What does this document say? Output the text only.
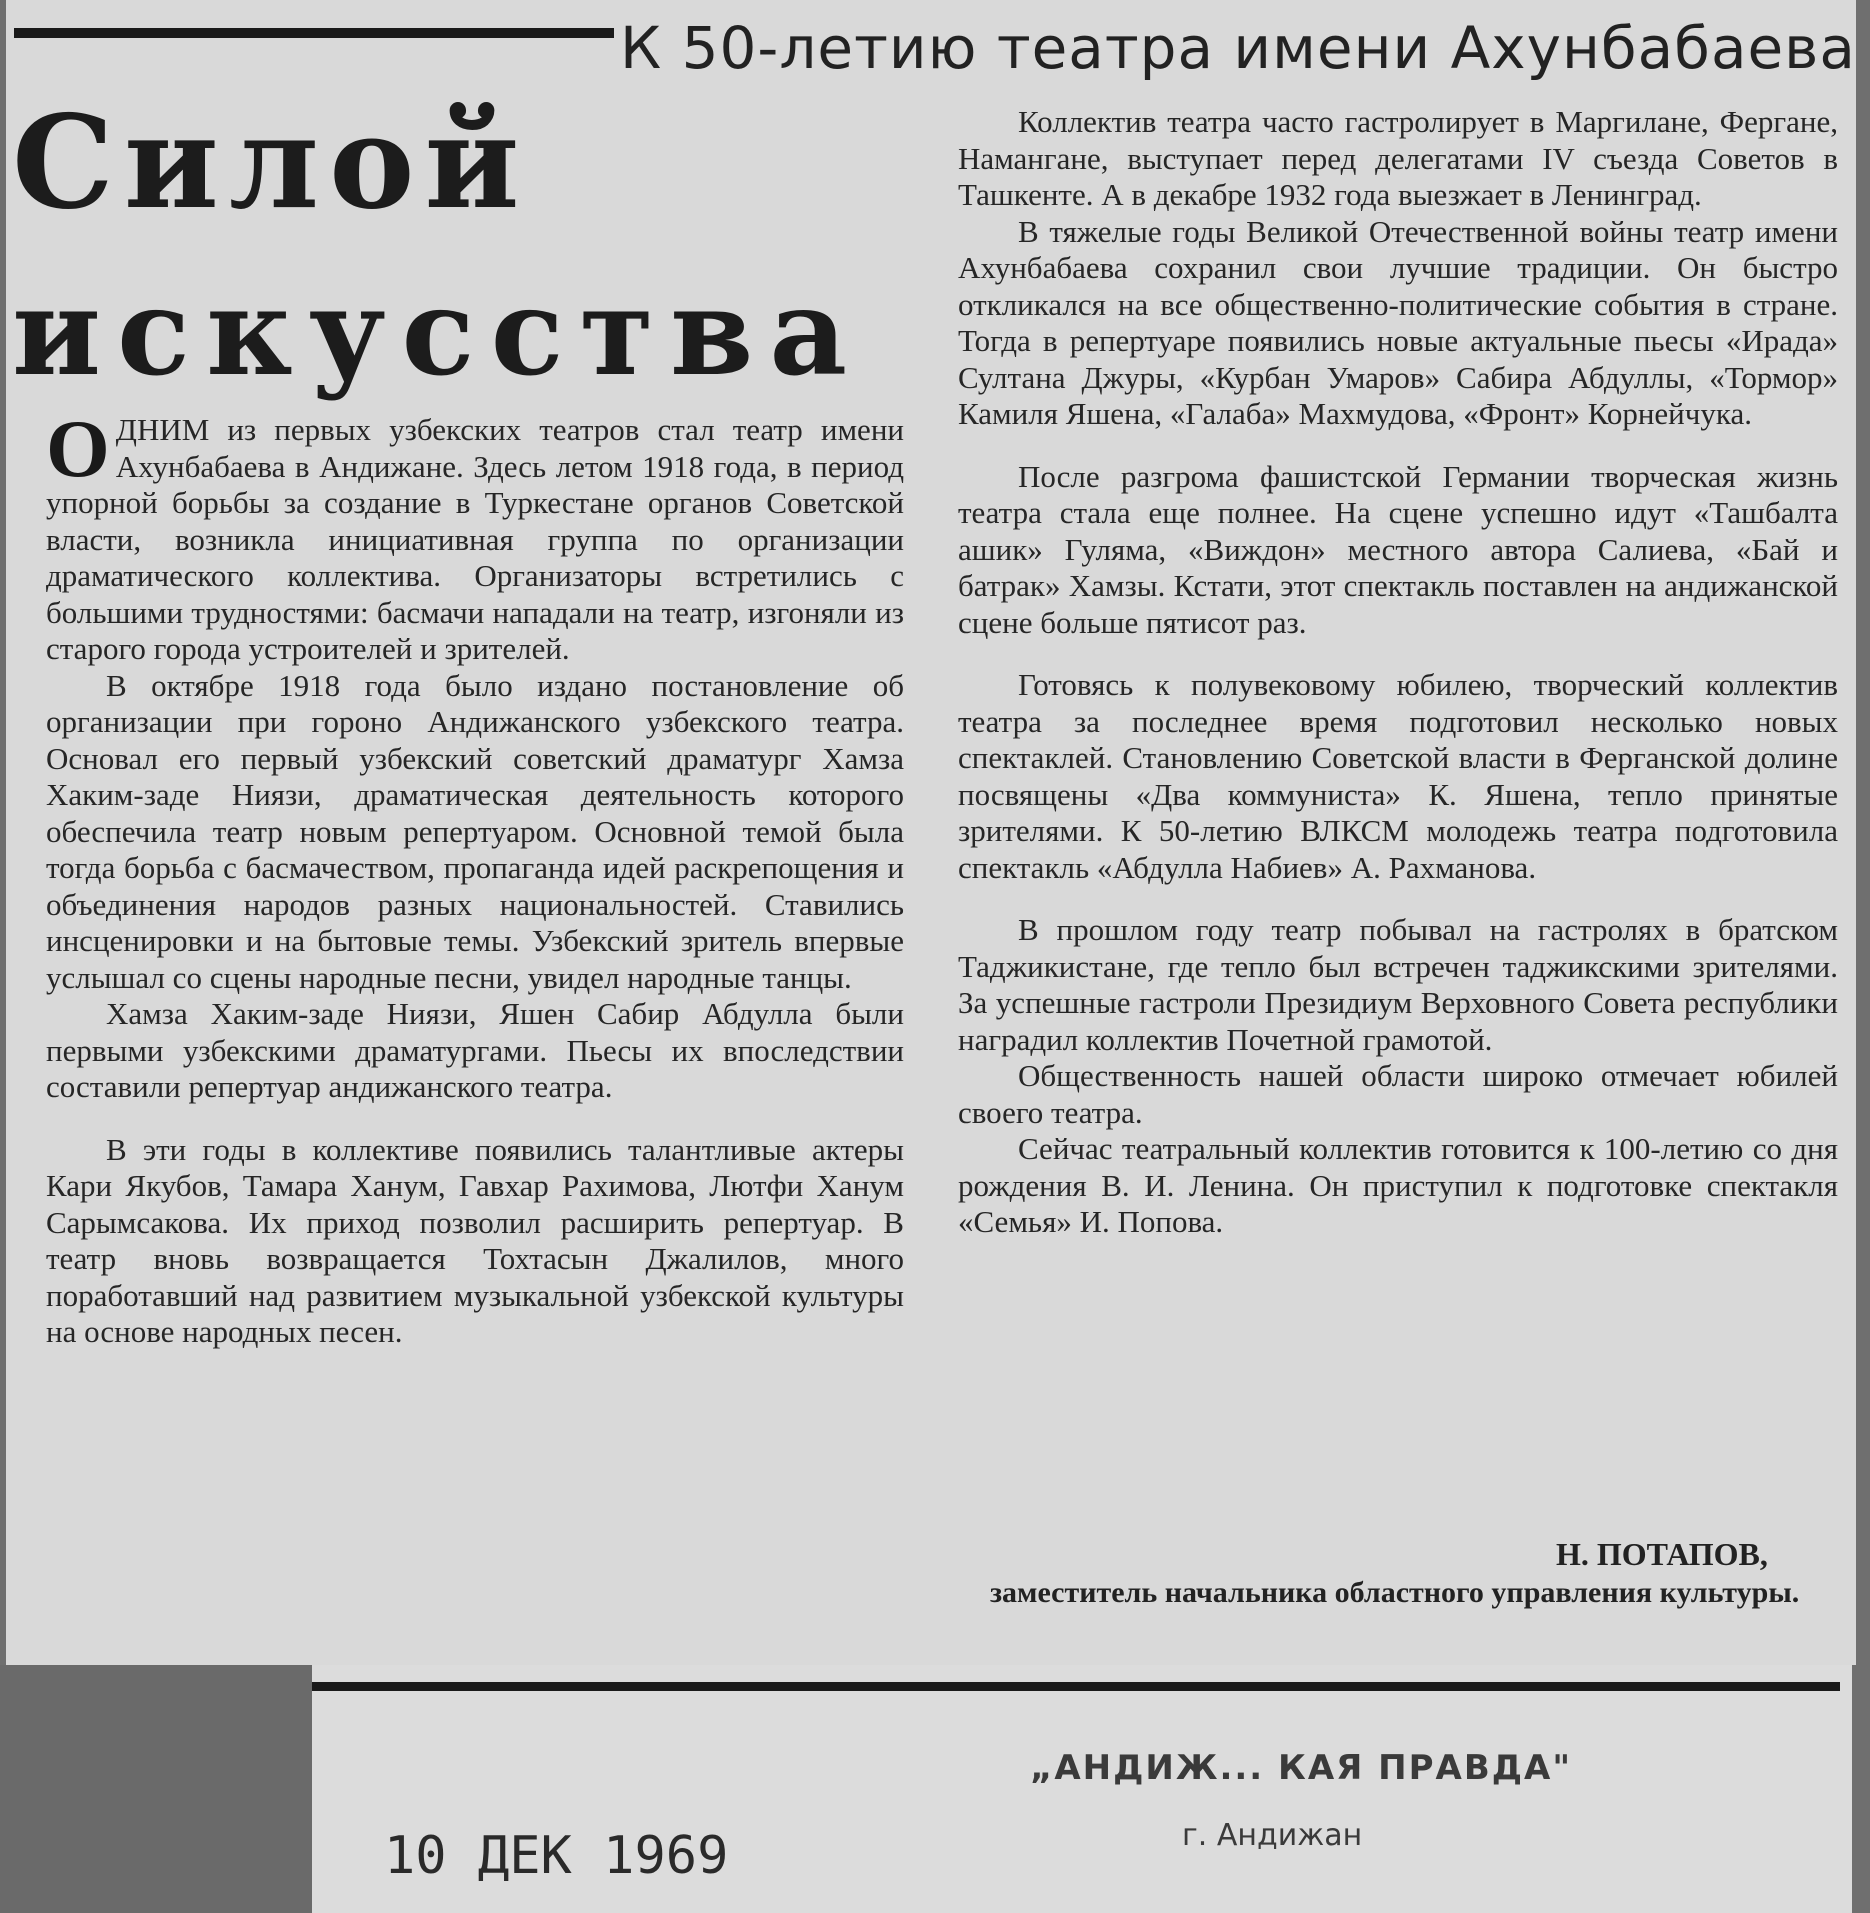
К 50-летию театра имени Ахунбабаева
Силой
искусства

ОДНИМ из первых узбекских театров стал театр имени Ахунбабаева в Андижане. Здесь летом 1918 года, в период упорной борьбы за создание в Туркестане органов Советской власти, возникла инициативная группа по организации драматического коллектива. Организаторы встретились с большими трудностями: басмачи нападали на театр, изгоняли из старого города устроителей и зрителей.

В октябре 1918 года было издано постановление об организации при гороно Андижанского узбекского театра. Основал его первый узбекский советский драматург Хамза Хаким-заде Ниязи, драматическая деятельность которого обеспечила театр новым репертуаром. Основной темой была тогда борьба с басмачеством, пропаганда идей раскрепощения и объединения народов разных национальностей. Ставились инсценировки и на бытовые темы. Узбекский зритель впервые услышал со сцены народные песни, увидел народные танцы.

Хамза Хаким-заде Ниязи, Яшен Сабир Абдулла были первыми узбекскими драматургами. Пьесы их впоследствии составили репертуар андижанского театра.

В эти годы в коллективе появились талантливые актеры Кари Якубов, Тамара Ханум, Гавхар Рахимова, Лютфи Ханум Сарымсакова. Их приход позволил расширить репертуар. В театр вновь возвращается Тохтасын Джалилов, много поработавший над развитием музыкальной узбекской культуры на основе народных песен.

Коллектив театра часто гастролирует в Маргилане, Фергане, Намангане, выступает перед делегатами IV съезда Советов в Ташкенте. А в декабре 1932 года выезжает в Ленинград.

В тяжелые годы Великой Отечественной войны театр имени Ахунбабаева сохранил свои лучшие традиции. Он быстро откликался на все общественно-политические события в стране. Тогда в репертуаре появились новые актуальные пьесы «Ирада» Султана Джуры, «Курбан Умаров» Сабира Абдуллы, «Тормор» Камиля Яшена, «Галаба» Махмудова, «Фронт» Корнейчука.

После разгрома фашистской Германии творческая жизнь театра стала еще полнее. На сцене успешно идут «Ташбалта ашик» Гуляма, «Виждон» местного автора Салиева, «Бай и батрак» Хамзы. Кстати, этот спектакль поставлен на андижанской сцене больше пятисот раз.

Готовясь к полувековому юбилею, творческий коллектив театра за последнее время подготовил несколько новых спектаклей. Становлению Советской власти в Ферганской долине посвящены «Два коммуниста» К. Яшена, тепло принятые зрителями. К 50-летию ВЛКСМ молодежь театра подготовила спектакль «Абдулла Набиев» А. Рахманова.

В прошлом году театр побывал на гастролях в братском Таджикистане, где тепло был встречен таджикскими зрителями. За успешные гастроли Президиум Верховного Совета республики наградил коллектив Почетной грамотой.

Общественность нашей области широко отмечает юбилей своего театра.

Сейчас театральный коллектив готовится к 100-летию со дня рождения В. И. Ленина. Он приступил к подготовке спектакля «Семья» И. Попова.

Н. ПОТАПОВ,
заместитель начальника областного управления культуры.
„АНДИЖ... КАЯ ПРАВДА"
г. Андижан
10 ДЕК 1969
